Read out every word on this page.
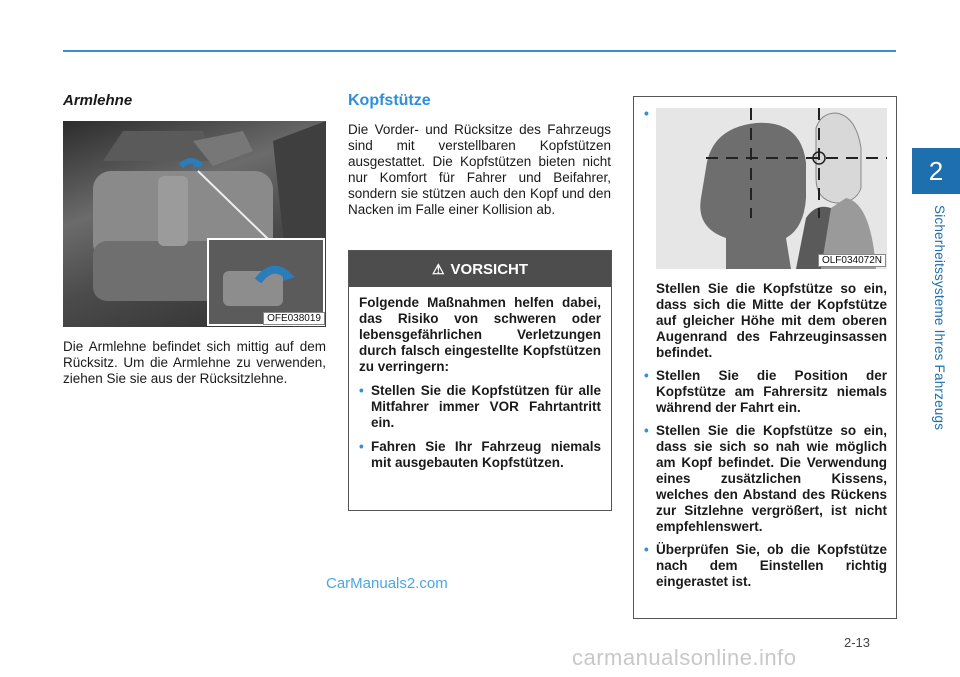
2
Sicherheitssysteme Ihres Fahrzeugs
2-13
Armlehne
OFE038019

Die Armlehne befindet sich mittig auf dem Rücksitz. Um die Armlehne zu verwenden, ziehen Sie sie aus der Rücksitzlehne.

Kopfstütze

Die Vorder- und Rücksitze des Fahrzeugs sind mit verstellbaren Kopfstützen ausgestattet. Die Kopfstützen bieten nicht nur Komfort für Fahrer und Beifahrer, sondern sie stützen auch den Kopf und den Nacken im Falle einer Kollision ab.

⚠ VORSICHT

Folgende Maßnahmen helfen dabei, das Risiko von schweren oder lebensgefährlichen Verletzungen durch falsch eingestellte Kopfstützen zu verringern:

• Stellen Sie die Kopfstützen für alle Mitfahrer immer VOR Fahrtantritt ein.
• Fahren Sie Ihr Fahrzeug niemals mit ausgebauten Kopfstützen.
•
OLF034072N
Stellen Sie die Kopfstütze so ein, dass sich die Mitte der Kopfstütze auf gleicher Höhe mit dem oberen Augenrand des Fahrzeuginsassen befindet.
• Stellen Sie die Position der Kopfstütze am Fahrersitz niemals während der Fahrt ein.
• Stellen Sie die Kopfstütze so ein, dass sie sich so nah wie möglich am Kopf befindet. Die Verwendung eines zusätzlichen Kissens, welches den Abstand des Rückens zur Sitzlehne vergrößert, ist nicht empfehlenswert.
• Überprüfen Sie, ob die Kopfstütze nach dem Einstellen richtig eingerastet ist.
CarManuals2.com
carmanualsonline.info
